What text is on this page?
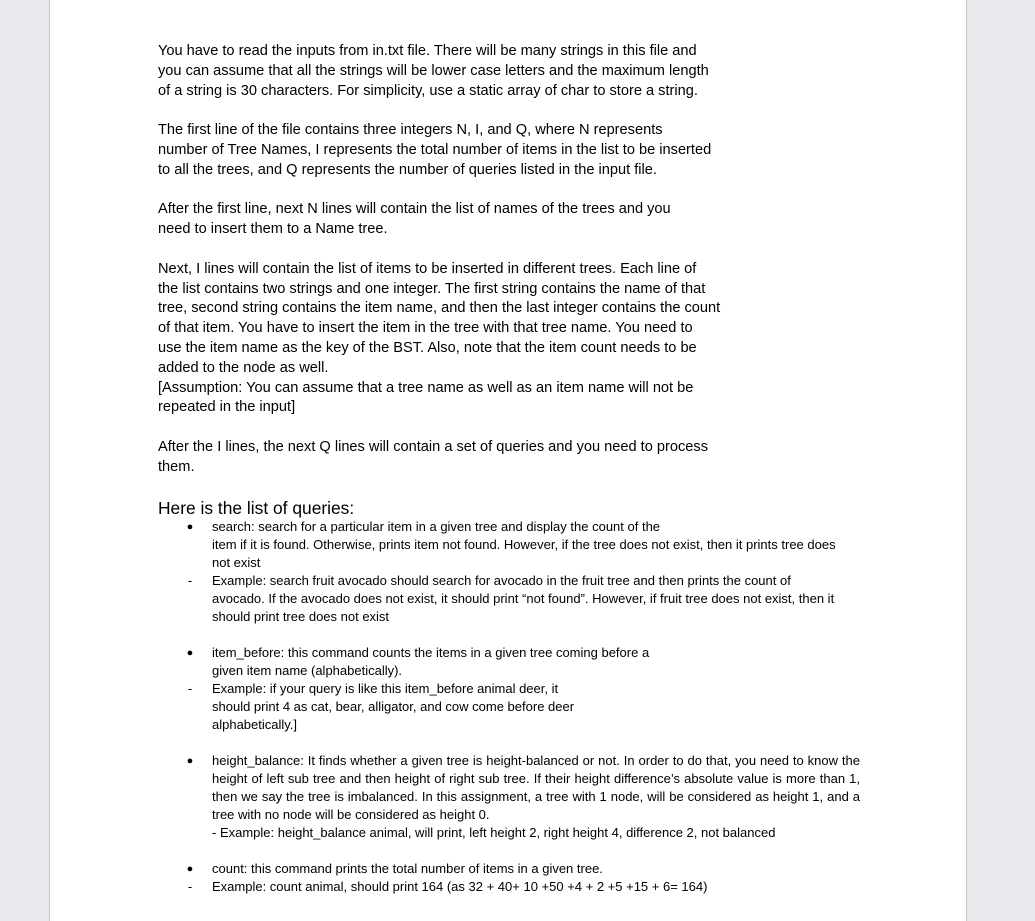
You have to read the inputs from in.txt file. There will be many strings in this file and
you can assume that all the strings will be lower case letters and the maximum length
of a string is 30 characters. For simplicity, use a static array of char to store a string.

The first line of the file contains three integers N, I, and Q, where N represents
number of Tree Names, I represents the total number of items in the list to be inserted
to all the trees, and Q represents the number of queries listed in the input file.

After the first line, next N lines will contain the list of names of the trees and you
need to insert them to a Name tree.

Next, I lines will contain the list of items to be inserted in different trees. Each line of
the list contains two strings and one integer. The first string contains the name of that
tree, second string contains the item name, and then the last integer contains the count
of that item. You have to insert the item in the tree with that tree name. You need to
use the item name as the key of the BST. Also, note that the item count needs to be
added to the node as well.
[Assumption: You can assume that a tree name as well as an item name will not be
repeated in the input]

After the I lines, the next Q lines will contain a set of queries and you need to process
them.

Here is the list of queries:
● search: search for a particular item in a given tree and display the count of the
item if it is found. Otherwise, prints item not found. However, if the tree does not exist, then it prints tree does
not exist
- Example: search fruit avocado should search for avocado in the fruit tree and then prints the count of
avocado. If the avocado does not exist, it should print “not found”. However, if fruit tree does not exist, then it
should print tree does not exist
● item_before: this command counts the items in a given tree coming before a
given item name (alphabetically).
- Example: if your query is like this item_before animal deer, it
should print 4 as cat, bear, alligator, and cow come before deer
alphabetically.]
● height_balance: It finds whether a given tree is height-balanced or not. In order to do that, you need to know the height of left sub tree and then height of right sub tree. If their height difference’s absolute value is more than 1, then we say the tree is imbalanced. In this assignment, a tree with 1 node, will be considered as height 1, and a tree with no node will be considered as height 0.
- Example: height_balance animal, will print, left height 2, right height 4, difference 2, not balanced
● count: this command prints the total number of items in a given tree.
- Example: count animal, should print 164 (as 32 + 40+ 10 +50 +4 + 2 +5 +15 + 6= 164)
